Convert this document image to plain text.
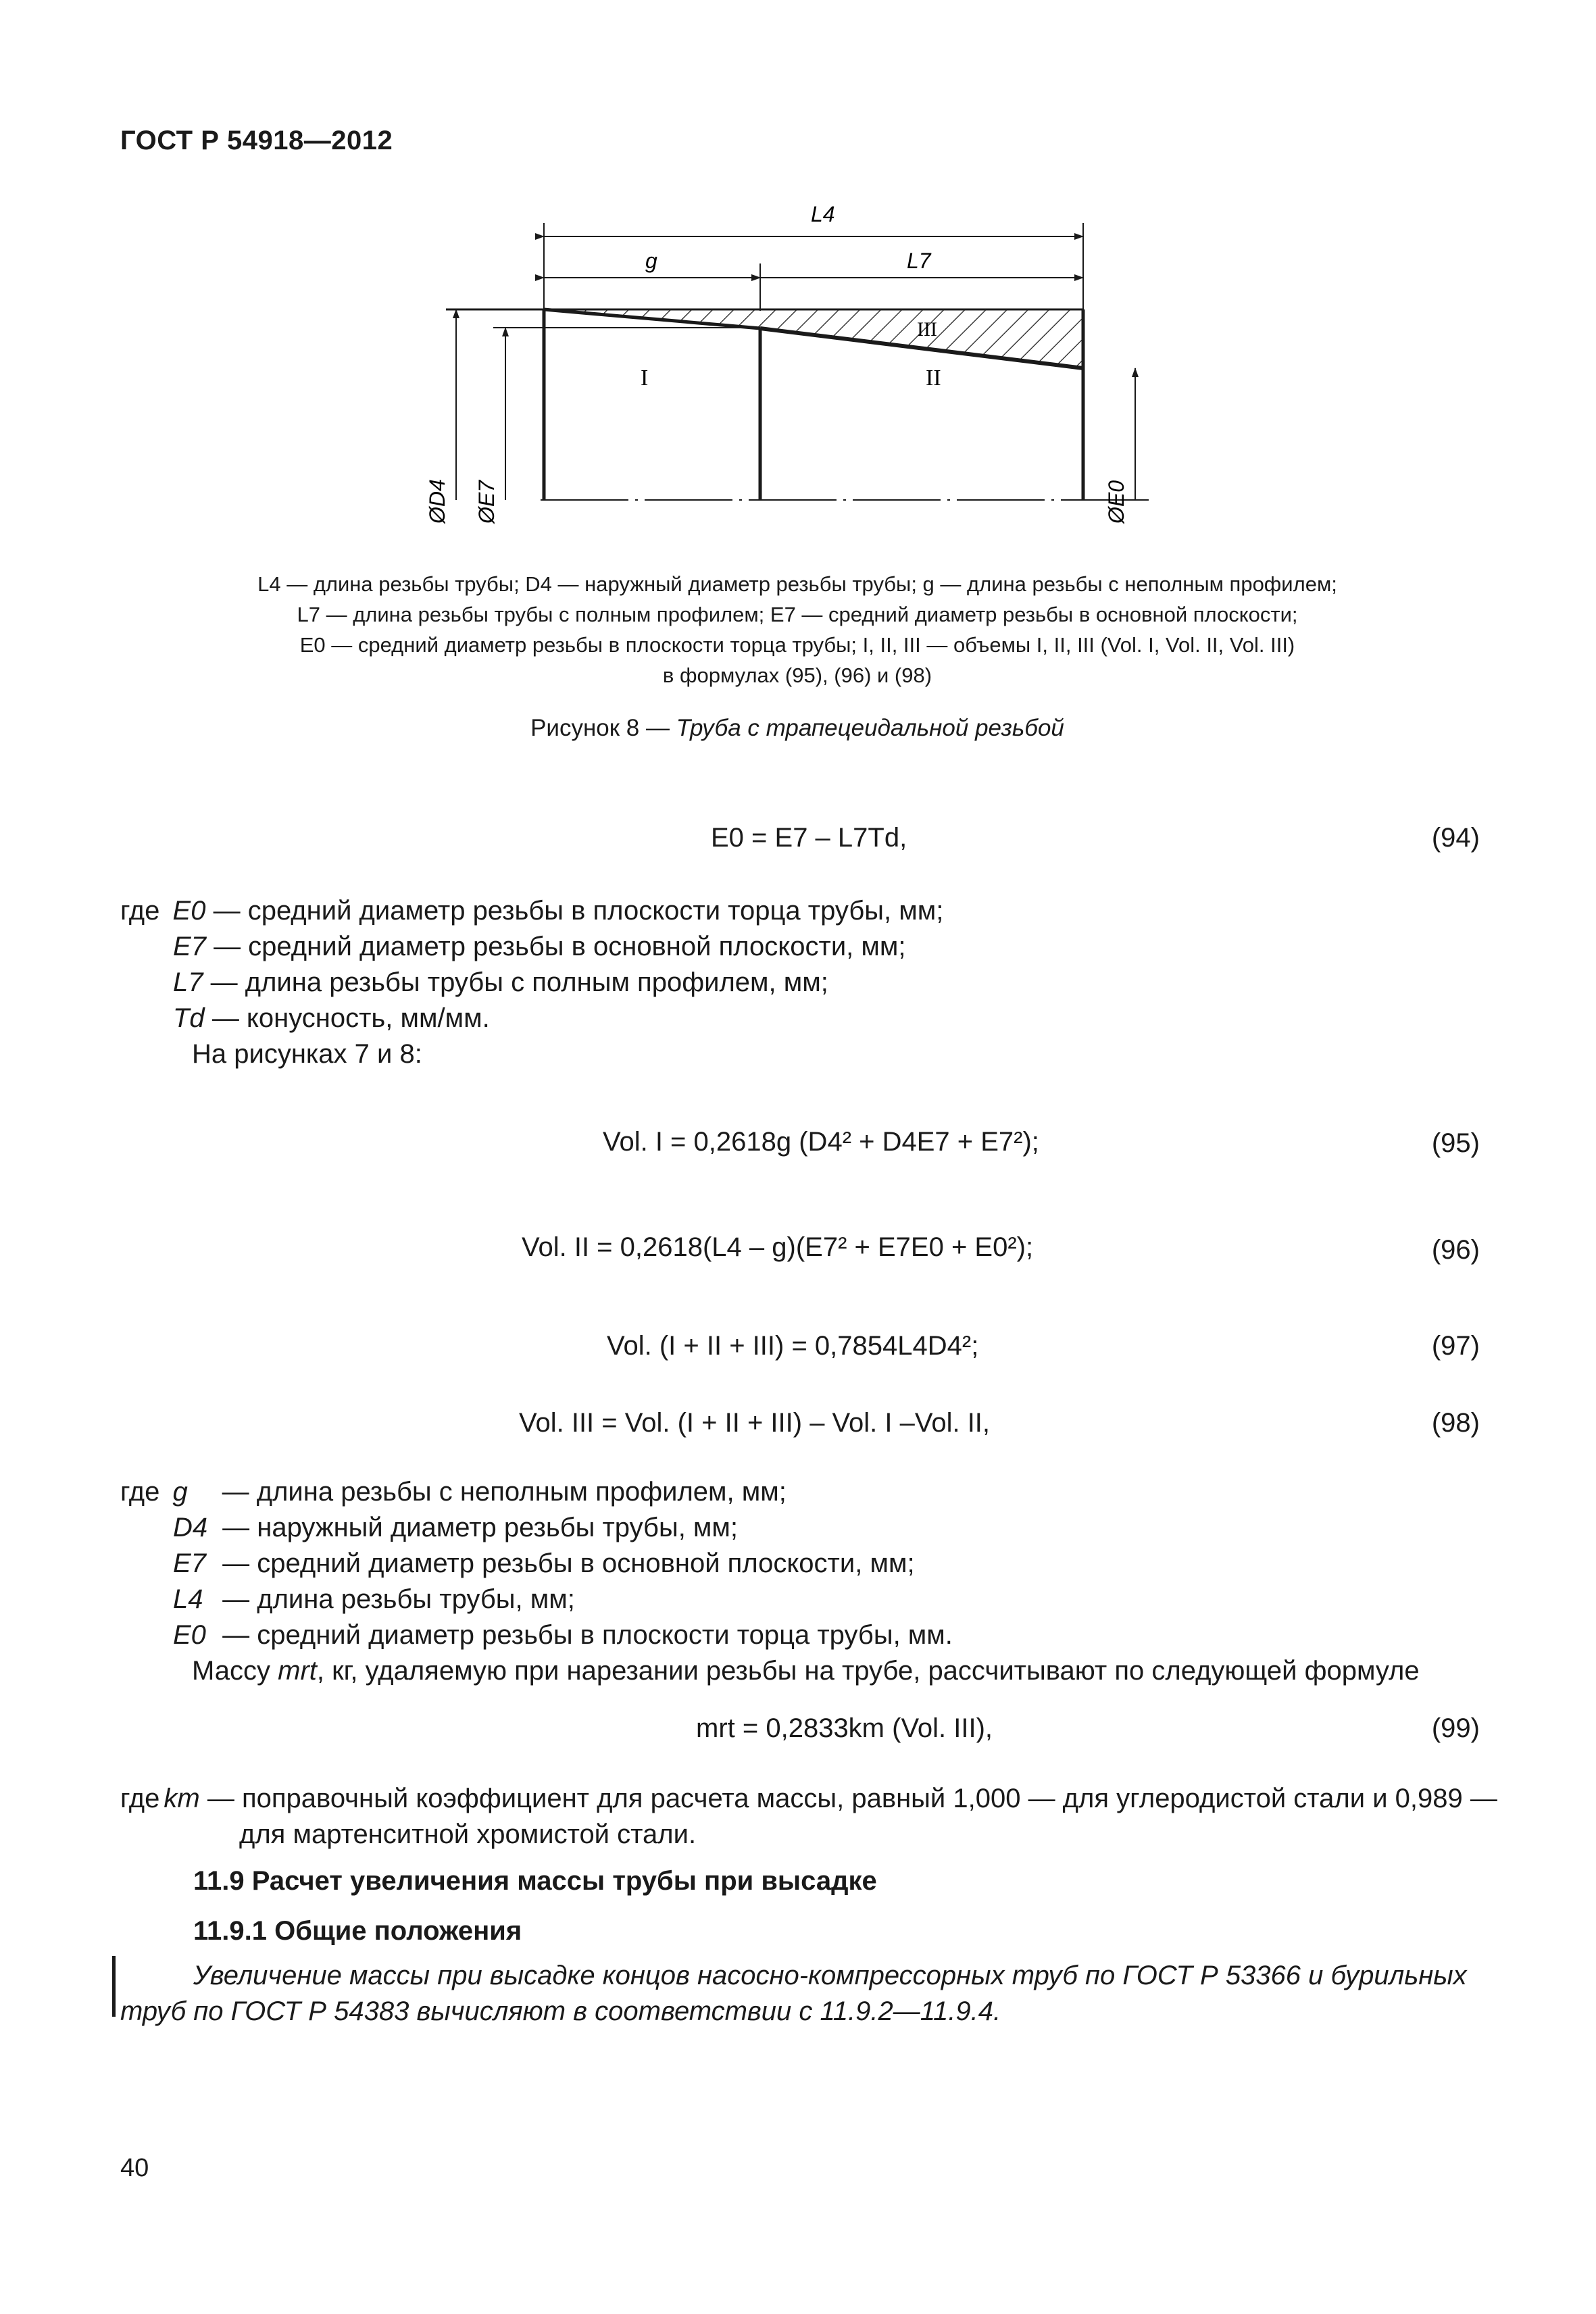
ГОСТ Р 54918—2012
L4
g	L7
I	II
III
ØD4 ØE7	ØE0
L4 — длина резьбы трубы; D4 — наружный диаметр резьбы трубы; g — длина резьбы с неполным профилем;
L7 — длина резьбы трубы с полным профилем; E7 — средний диаметр резьбы в основной плоскости;
E0 — средний диаметр резьбы в плоскости торца трубы; I, II, III — объемы I, II, III (Vol. I, Vol. II, Vol. III)
в формулах (95), (96) и (98)
Рисунок 8 — Труба с трапецеидальной резьбой
E0 = E7 – L7Td,	(94)
где E0 — средний диаметр резьбы в плоскости торца трубы, мм;
E7 — средний диаметр резьбы в основной плоскости, мм;
L7 — длина резьбы трубы с полным профилем, мм;
Td — конусность, мм/мм.
На рисунках 7 и 8:
Vol. I = 0,2618g (D4² + D4E7 + E7²);	(95)
Vol. II = 0,2618(L4 – g)(E7² + E7E0 + E0²);	(96)
Vol. (I + II + III) = 0,7854L4D4²;	(97)
Vol. III = Vol. (I + II + III) – Vol. I –Vol. II,	(98)
где g — длина резьбы с неполным профилем, мм;
D4 — наружный диаметр резьбы трубы, мм;
E7 — средний диаметр резьбы в основной плоскости, мм;
L4 — длина резьбы трубы, мм;
E0 — средний диаметр резьбы в плоскости торца трубы, мм.
Массу mrt, кг, удаляемую при нарезании резьбы на трубе, рассчитывают по следующей формуле
mrt = 0,2833km (Vol. III),	(99)
где km — поправочный коэффициент для расчета массы, равный 1,000 — для углеродистой стали и 0,989 —
для мартенситной хромистой стали.
11.9 Расчет увеличения массы трубы при высадке
11.9.1 Общие положения
Увеличение массы при высадке концов насосно-компрессорных труб по ГОСТ Р 53366 и бурильных
труб по ГОСТ Р 54383 вычисляют в соответствии с 11.9.2—11.9.4.
40
